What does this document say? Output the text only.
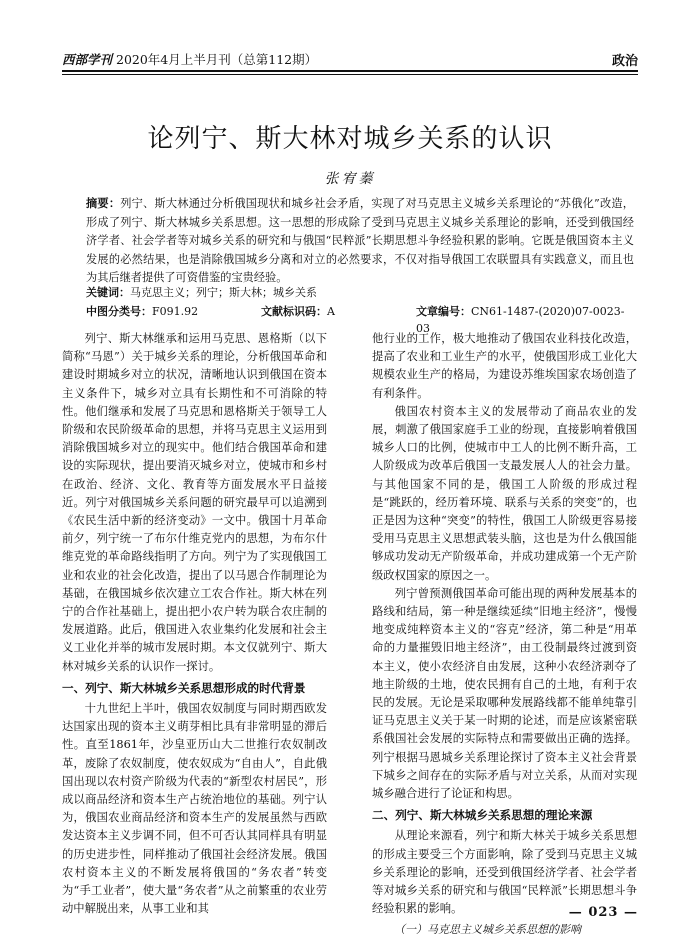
西部学刊 2020年4月上半月刊（总第112期）	政治
论列宁、斯大林对城乡关系的认识
张宥蓁
摘要：列宁、斯大林通过分析俄国现状和城乡社会矛盾，实现了对马克思主义城乡关系理论的“苏俄化”改造，形成了列宁、斯大林城乡关系思想。这一思想的形成除了受到马克思主义城乡关系理论的影响，还受到俄国经济学者、社会学者等对城乡关系的研究和与俄国“民粹派”长期思想斗争经验积累的影响。它既是俄国资本主义发展的必然结果，也是消除俄国城乡分离和对立的必然要求，不仅对指导俄国工农联盟具有实践意义，而且也为其后继者提供了可资借鉴的宝贵经验。
关键词：马克思主义；列宁；斯大林；城乡关系
中图分类号：F091.92	文献标识码：A	文章编号：CN61-1487-(2020)07-0023-03

列宁、斯大林继承和运用马克思、恩格斯（以下简称“马恩”）关于城乡关系的理论，分析俄国革命和建设时期城乡对立的状况，清晰地认识到俄国在资本主义条件下，城乡对立具有长期性和不可消除的特性。他们继承和发展了马克思和恩格斯关于领导工人阶级和农民阶级革命的思想，并将马克思主义运用到消除俄国城乡对立的现实中。他们结合俄国革命和建设的实际现状，提出要消灭城乡对立，使城市和乡村在政治、经济、文化、教育等方面发展水平日益接近。列宁对俄国城乡关系问题的研究最早可以追溯到《农民生活中新的经济变动》一文中。俄国十月革命前夕，列宁统一了布尔什维克党内的思想，为布尔什维克党的革命路线指明了方向。列宁为了实现俄国工业和农业的社会化改造，提出了以马恩合作制理论为基础，在俄国城乡依次建立工农合作社。斯大林在列宁的合作社基础上，提出把小农户转为联合农庄制的发展道路。此后，俄国进入农业集约化发展和社会主义工业化并举的城市发展时期。本文仅就列宁、斯大林对城乡关系的认识作一探讨。

一、列宁、斯大林城乡关系思想形成的时代背景

十九世纪上半叶，俄国农奴制度与同时期西欧发达国家出现的资本主义萌芽相比具有非常明显的滞后性。直至1861年，沙皇亚历山大二世推行农奴制改革，废除了农奴制度，使农奴成为“自由人”，自此俄国出现以农村资产阶级为代表的“新型农村居民”，形成以商品经济和资本生产占统治地位的基础。列宁认为，俄国农业商品经济和资本生产的发展虽然与西欧发达资本主义步调不同，但不可否认其同样具有明显的历史进步性，同样推动了俄国社会经济发展。俄国农村资本主义的不断发展将俄国的“务农者”转变为“手工业者”，使大量“务农者”从之前繁重的农业劳动中解脱出来，从事工业和其

他行业的工作，极大地推动了俄国农业科技化改造，提高了农业和工业生产的水平，使俄国形成工业化大规模农业生产的格局，为建设苏维埃国家农场创造了有利条件。

俄国农村资本主义的发展带动了商品农业的发展，刺激了俄国家庭手工业的纷现，直接影响着俄国城乡人口的比例，使城市中工人的比例不断升高，工人阶级成为改革后俄国一支最发展人人的社会力量。与其他国家不同的是，俄国工人阶级的形成过程是“跳跃的，经历着环境、联系与关系的突变”的，也正是因为这种“突变”的特性，俄国工人阶级更容易接受用马克思主义思想武装头脑，这也是为什么俄国能够成功发动无产阶级革命，并成功建成第一个无产阶级政权国家的原因之一。

列宁曾预测俄国革命可能出现的两种发展基本的路线和结局，第一种是继续延续“旧地主经济”，慢慢地变成纯粹资本主义的“容克”经济，第二种是“用革命的力量摧毁旧地主经济”，由工役制最终过渡到资本主义，使小农经济自由发展，这种小农经济剥夺了地主阶级的土地，使农民拥有自己的土地，有利于农民的发展。无论是采取哪种发展路线都不能单纯靠引证马克思主义关于某一时期的论述，而是应该紧密联系俄国社会发展的实际特点和需要做出正确的选择。列宁根据马恩城乡关系理论探讨了资本主义社会背景下城乡之间存在的实际矛盾与对立关系，从而对实现城乡融合进行了论证和构思。

二、列宁、斯大林城乡关系思想的理论来源

从理论来源看，列宁和斯大林关于城乡关系思想的形成主要受三个方面影响，除了受到马克思主义城乡关系理论的影响，还受到俄国经济学者、社会学者等对城乡关系的研究和与俄国“民粹派”长期思想斗争经验积累的影响。

（一）马克思主义城乡关系思想的影响
— 023 —
